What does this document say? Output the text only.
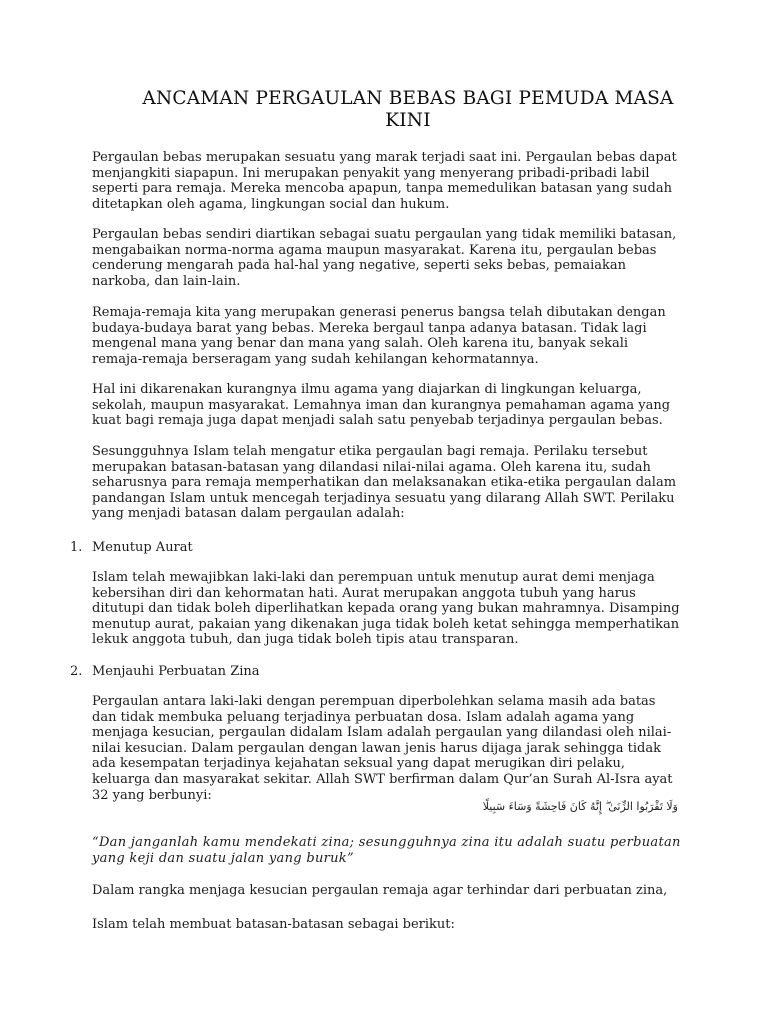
ANCAMAN PERGAULAN BEBAS BAGI PEMUDA MASA KINI

Pergaulan bebas merupakan sesuatu yang marak terjadi saat ini. Pergaulan bebas dapat menjangkiti siapapun. Ini merupakan penyakit yang menyerang pribadi-pribadi labil seperti para remaja. Mereka mencoba apapun, tanpa memedulikan batasan yang sudah ditetapkan oleh agama, lingkungan social dan hukum.

Pergaulan bebas sendiri diartikan sebagai suatu pergaulan yang tidak memiliki batasan, mengabaikan norma-norma agama maupun masyarakat. Karena itu, pergaulan bebas cenderung mengarah pada hal-hal yang negative, seperti seks bebas, pemaiakan narkoba, dan lain-lain.

Remaja-remaja kita yang merupakan generasi penerus bangsa telah dibutakan dengan budaya-budaya barat yang bebas. Mereka bergaul tanpa adanya batasan. Tidak lagi mengenal mana yang benar dan mana yang salah. Oleh karena itu, banyak sekali remaja-remaja berseragam yang sudah kehilangan kehormatannya.

Hal ini dikarenakan kurangnya ilmu agama yang diajarkan di lingkungan keluarga, sekolah, maupun masyarakat. Lemahnya iman dan kurangnya pemahaman agama yang kuat bagi remaja juga dapat menjadi salah satu penyebab terjadinya pergaulan bebas.

Sesungguhnya Islam telah mengatur etika pergaulan bagi remaja. Perilaku tersebut merupakan batasan-batasan yang dilandasi nilai-nilai agama. Oleh karena itu, sudah seharusnya para remaja memperhatikan dan melaksanakan etika-etika pergaulan dalam pandangan Islam untuk mencegah terjadinya sesuatu yang dilarang Allah SWT. Perilaku yang menjadi batasan dalam pergaulan adalah:

1. Menutup Aurat

Islam telah mewajibkan laki-laki dan perempuan untuk menutup aurat demi menjaga kebersihan diri dan kehormatan hati. Aurat merupakan anggota tubuh yang harus ditutupi dan tidak boleh diperlihatkan kepada orang yang bukan mahramnya. Disamping menutup aurat, pakaian yang dikenakan juga tidak boleh ketat sehingga memperhatikan lekuk anggota tubuh, dan juga tidak boleh tipis atau transparan.

2. Menjauhi Perbuatan Zina

Pergaulan antara laki-laki dengan perempuan diperbolehkan selama masih ada batas dan tidak membuka peluang terjadinya perbuatan dosa. Islam adalah agama yang menjaga kesucian, pergaulan didalam Islam adalah pergaulan yang dilandasi oleh nilai-nilai kesucian. Dalam pergaulan dengan lawan jenis harus dijaga jarak sehingga tidak ada kesempatan terjadinya kejahatan seksual yang dapat merugikan diri pelaku, keluarga dan masyarakat sekitar. Allah SWT berfirman dalam Qur’an Surah Al-Isra ayat 32 yang berbunyi:

وَلَا تَقْرَبُوا الزِّنَىٰ ۖ إِنَّهُ كَانَ فَاحِشَةً وَسَاءَ سَبِيلًا

“Dan janganlah kamu mendekati zina; sesungguhnya zina itu adalah suatu perbuatan yang keji dan suatu jalan yang buruk”

Dalam rangka menjaga kesucian pergaulan remaja agar terhindar dari perbuatan zina,

Islam telah membuat batasan-batasan sebagai berikut:
